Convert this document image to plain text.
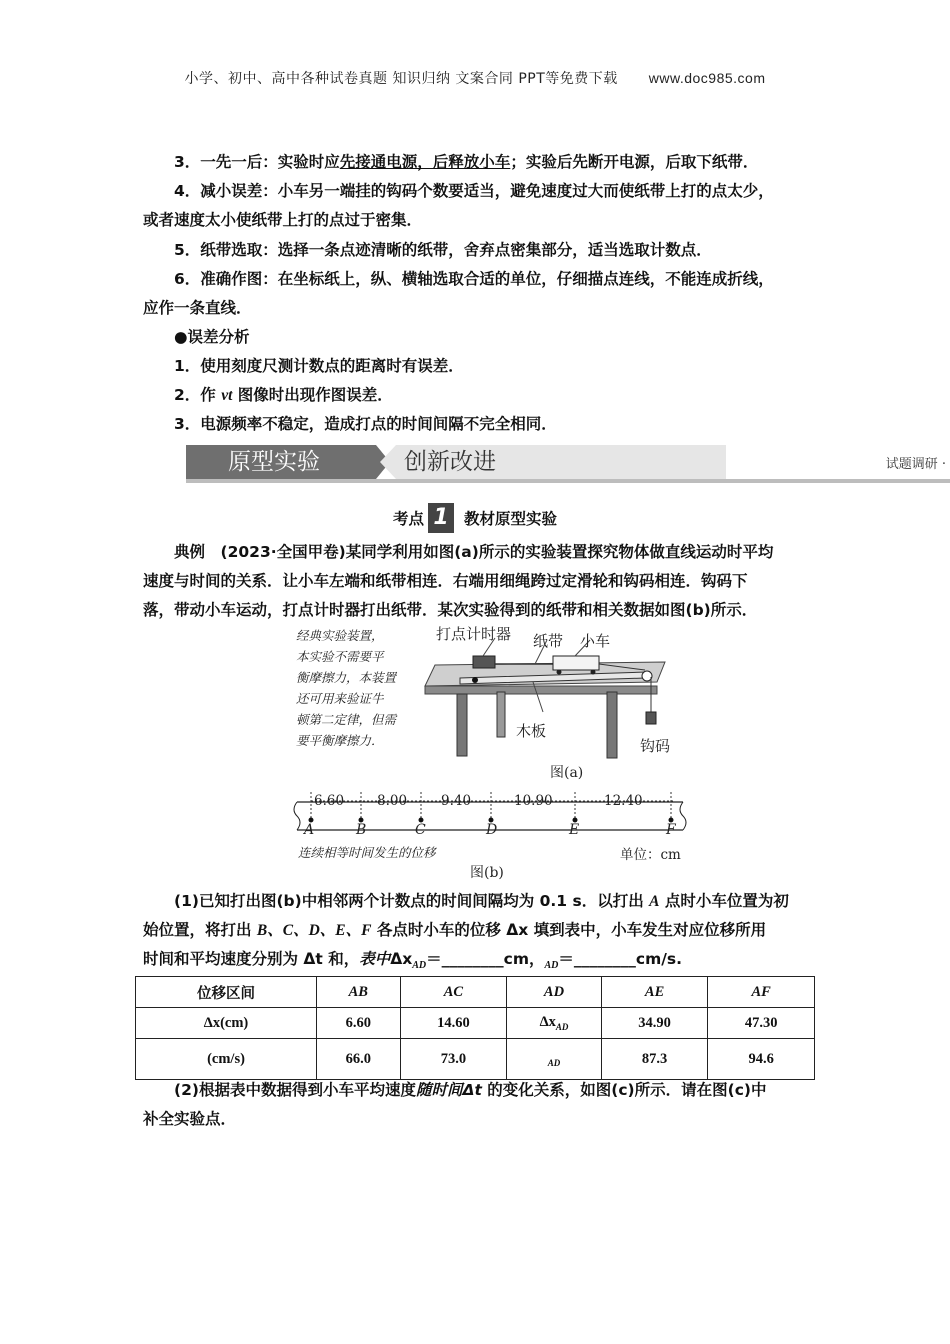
小学、初中、高中各种试卷真题 知识归纳 文案合同 PPT等免费下载 www.doc985.com
3．一先一后：实验时应先接通电源，后释放小车；实验后先断开电源，后取下纸带．
4．减小误差：小车另一端挂的钩码个数要适当，避免速度过大而使纸带上打的点太少，
或者速度太小使纸带上打的点过于密集．
5．纸带选取：选择一条点迹清晰的纸带，舍弃点密集部分，适当选取计数点．
6．准确作图：在坐标纸上，纵、横轴选取合适的单位，仔细描点连线，不能连成折线，
应作一条直线．
●误差分析
1．使用刻度尺测计数点的距离时有误差．
2．作 vt 图像时出现作图误差．
3．电源频率不稳定，造成打点的时间间隔不完全相同．
原型实验	创新改进	试题调研 ·
考点 1 教材原型实验
典例　(2023·全国甲卷)某同学利用如图(a)所示的实验装置探究物体做直线运动时平均
速度与时间的关系．让小车左端和纸带相连．右端用细绳跨过定滑轮和钩码相连．钩码下
落，带动小车运动，打点计时器打出纸带．某次实验得到的纸带和相关数据如图(b)所示．
经典实验装置，
本实验不需要平
衡摩擦力，本装置
还可用来验证牛
顿第二定律，但需
要平衡摩擦力．
打点计时器 纸带 小车
木板
钩码
图(a)
6.60 8.00	9.40	10.90	12.40
A	B	C	D	E	F
连续相等时间发生的位移	单位：cm
图(b)
(1)已知打出图(b)中相邻两个计数点的时间间隔均为 0.1 s．以打出 A 点时小车位置为初
始位置，将打出 B、C、D、E、F 各点时小车的位移 Δx 填到表中，小车发生对应位移所用
时间和平均速度分别为 Δt 和，表中$\Delta x_{AD}=\_\_\_\_\_\_\_\_cm$，$_{AD}$＝________cm/s.
位移区间	AB	AC	AD	AE	AF
Δx(cm)	6.60	14.60	$\Delta x_{AD}$	34.90	47.30
(cm/s)	66.0	73.0	$_{AD}$	87.3	94.6
(2)根据表中数据得到小车平均速度随时间Δt 的变化关系，如图(c)所示．请在图(c)中
补全实验点．
